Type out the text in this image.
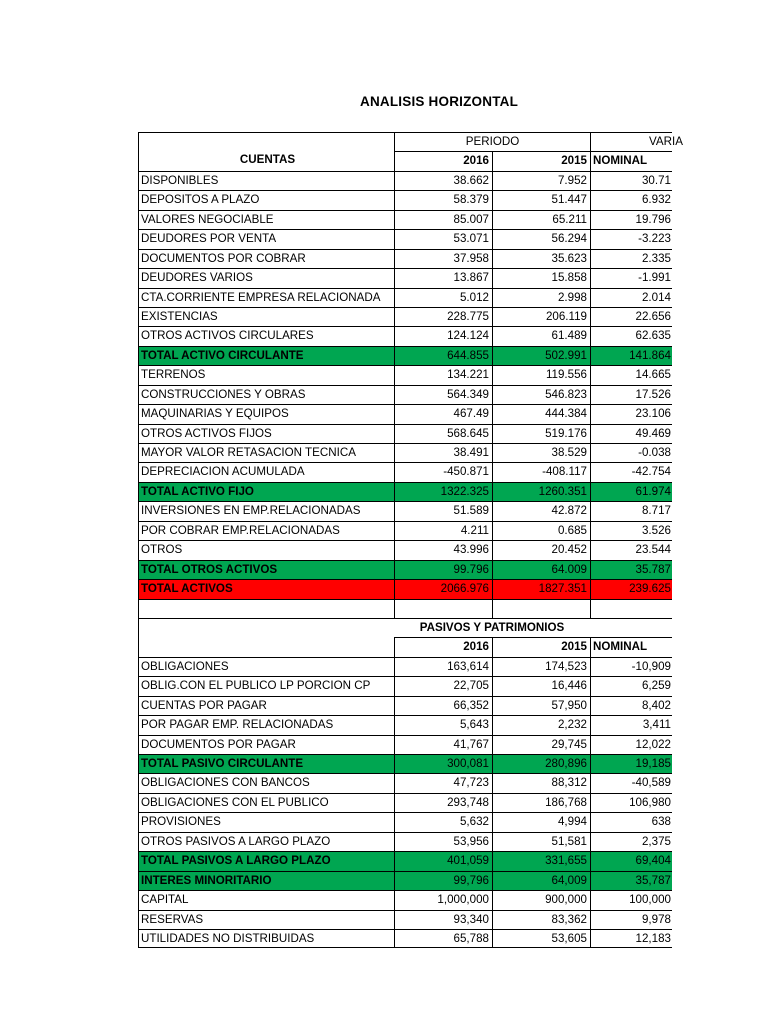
ANALISIS HORIZONTAL
PERIODO	VARIA
CUENTAS	2016	2015 NOMINAL
DISPONIBLES	38.662	7.952	30.71
DEPOSITOS A PLAZO	58.379	51.447	6.932
VALORES NEGOCIABLE	85.007	65.211	19.796
DEUDORES POR VENTA	53.071	56.294	-3.223
DOCUMENTOS POR COBRAR	37.958	35.623	2.335
DEUDORES VARIOS	13.867	15.858	-1.991
CTA.CORRIENTE EMPRESA RELACIONADA	5.012	2.998	2.014
EXISTENCIAS	228.775	206.119	22.656
OTROS ACTIVOS CIRCULARES	124.124	61.489	62.635
TOTAL ACTIVO CIRCULANTE	644.855	502.991	141.864
TERRENOS	134.221	119.556	14.665
CONSTRUCCIONES Y OBRAS	564.349	546.823	17.526
MAQUINARIAS Y EQUIPOS	467.49	444.384	23.106
OTROS ACTIVOS FIJOS	568.645	519.176	49.469
MAYOR VALOR RETASACION TECNICA	38.491	38.529	-0.038
DEPRECIACION ACUMULADA	-450.871	-408.117	-42.754
TOTAL ACTIVO FIJO	1322.325	1260.351	61.974
INVERSIONES EN EMP.RELACIONADAS	51.589	42.872	8.717
POR COBRAR EMP.RELACIONADAS	4.211	0.685	3.526
OTROS	43.996	20.452	23.544
TOTAL OTROS ACTIVOS	99.796	64.009	35.787
TOTAL ACTIVOS	2066.976	1827.351	239.625
PASIVOS Y PATRIMONIOS
2016	2015 NOMINAL
OBLIGACIONES	163,614	174,523	-10,909
OBLIG.CON EL PUBLICO LP PORCION CP	22,705	16,446	6,259
CUENTAS POR PAGAR	66,352	57,950	8,402
POR PAGAR EMP. RELACIONADAS	5,643	2,232	3,411
DOCUMENTOS POR PAGAR	41,767	29,745	12,022
TOTAL PASIVO CIRCULANTE	300,081	280,896	19,185
OBLIGACIONES CON BANCOS	47,723	88,312	-40,589
OBLIGACIONES CON EL PUBLICO	293,748	186,768	106,980
PROVISIONES	5,632	4,994	638
OTROS PASIVOS A LARGO PLAZO	53,956	51,581	2,375
TOTAL PASIVOS A LARGO PLAZO	401,059	331,655	69,404
INTERES MINORITARIO	99,796	64,009	35,787
CAPITAL	1,000,000	900,000	100,000
RESERVAS	93,340	83,362	9,978
UTILIDADES NO DISTRIBUIDAS	65,788	53,605	12,183
